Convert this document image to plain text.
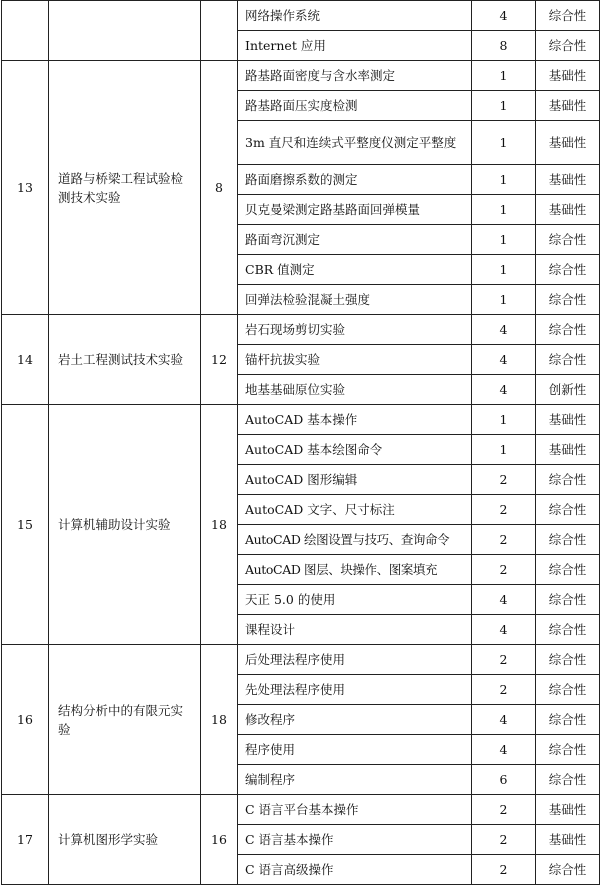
			网络操作系统	4	综合性
			Internet 应用	8	综合性
13	道路与桥梁工程试验检测技术实验	8	路基路面密度与含水率测定	1	基础性
			路基路面压实度检测	1	基础性
			3m 直尺和连续式平整度仪测定平整度	1	基础性
			路面磨擦系数的测定	1	基础性
			贝克曼梁测定路基路面回弹模量	1	基础性
			路面弯沉测定	1	综合性
			CBR 值测定	1	综合性
			回弹法检验混凝土强度	1	综合性
14	岩土工程测试技术实验	12	岩石现场剪切实验	4	综合性
			锚杆抗拔实验	4	综合性
			地基基础原位实验	4	创新性
15	计算机辅助设计实验	18	AutoCAD 基本操作	1	基础性
			AutoCAD 基本绘图命令	1	基础性
			AutoCAD 图形编辑	2	综合性
			AutoCAD 文字、尺寸标注	2	综合性
			AutoCAD 绘图设置与技巧、查询命令	2	综合性
			AutoCAD 图层、块操作、图案填充	2	综合性
			天正 5.0 的使用	4	综合性
			课程设计	4	综合性
16	结构分析中的有限元实验	18	后处理法程序使用	2	综合性
			先处理法程序使用	2	综合性
			修改程序	4	综合性
			程序使用	4	综合性
			编制程序	6	综合性
17	计算机图形学实验	16	C 语言平台基本操作	2	基础性
			C 语言基本操作	2	基础性
			C 语言高级操作	2	综合性
